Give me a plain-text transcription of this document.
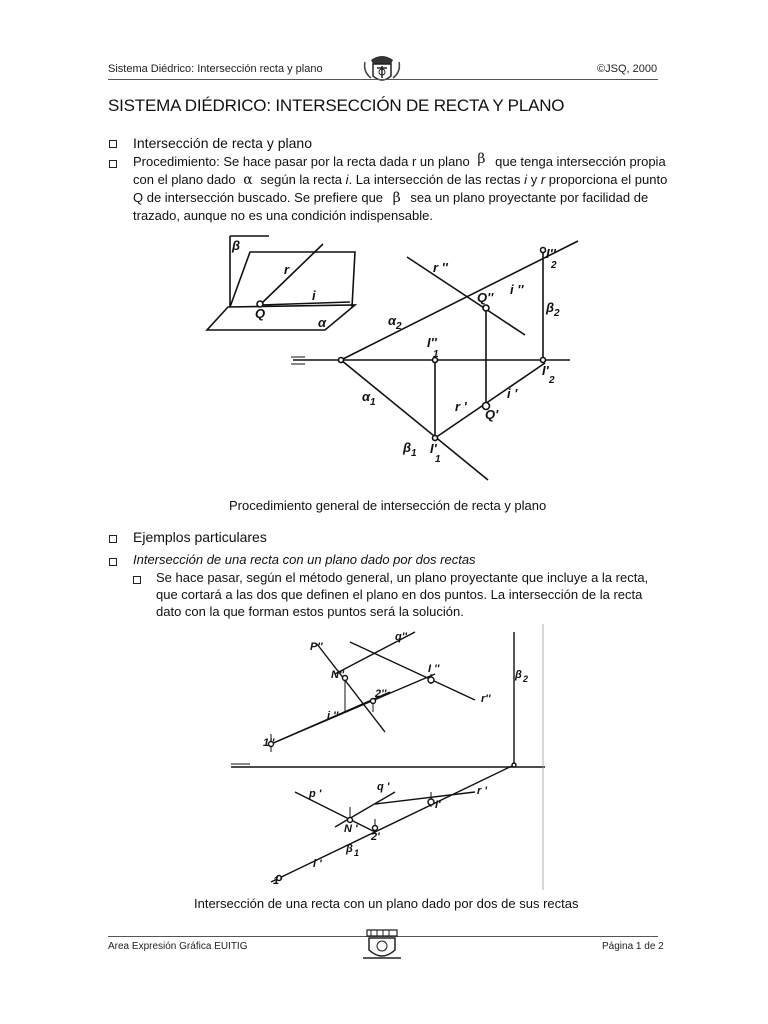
Sistema Diédrico: Intersección recta y plano	©JSQ, 2000
SISTEMA DIÉDRICO: INTERSECCIÓN DE RECTA Y PLANO
Intersección de recta y plano
Procedimiento: Se hace pasar por la recta dada r un plano β que tenga intersección propia
con el plano dado α según la recta i. La intersección de las rectas i y r proporciona el punto
Q de intersección buscado. Se prefiere que β sea un plano proyectante por facilidad de
trazado, aunque no es una condición indispensable.
β
r
i
Q
α
r ''
Q''
i ''
I''
2
β 2
α 2
I''
1
I'
2
α 1	r '
i '
Q'
β 1 I'
1
Procedimiento general de intersección de recta y plano
Ejemplos particulares
Intersección de una recta con un plano dado por dos rectas
Se hace pasar, según el método general, un plano proyectante que incluye a la recta,
que cortará a las dos que definen el plano en dos puntos. La intersección de la recta
dato con la que forman estos puntos será la solución.
P''
q''
N''	I ''
r''
β 2
2''
i ''
1''
p '
q '
I'
r '
N '
2'
β 1
i '
1'
Intersección de una recta con un plano dado por dos de sus rectas
Area Expresión Gráfica EUITIG	Página 1 de 2
